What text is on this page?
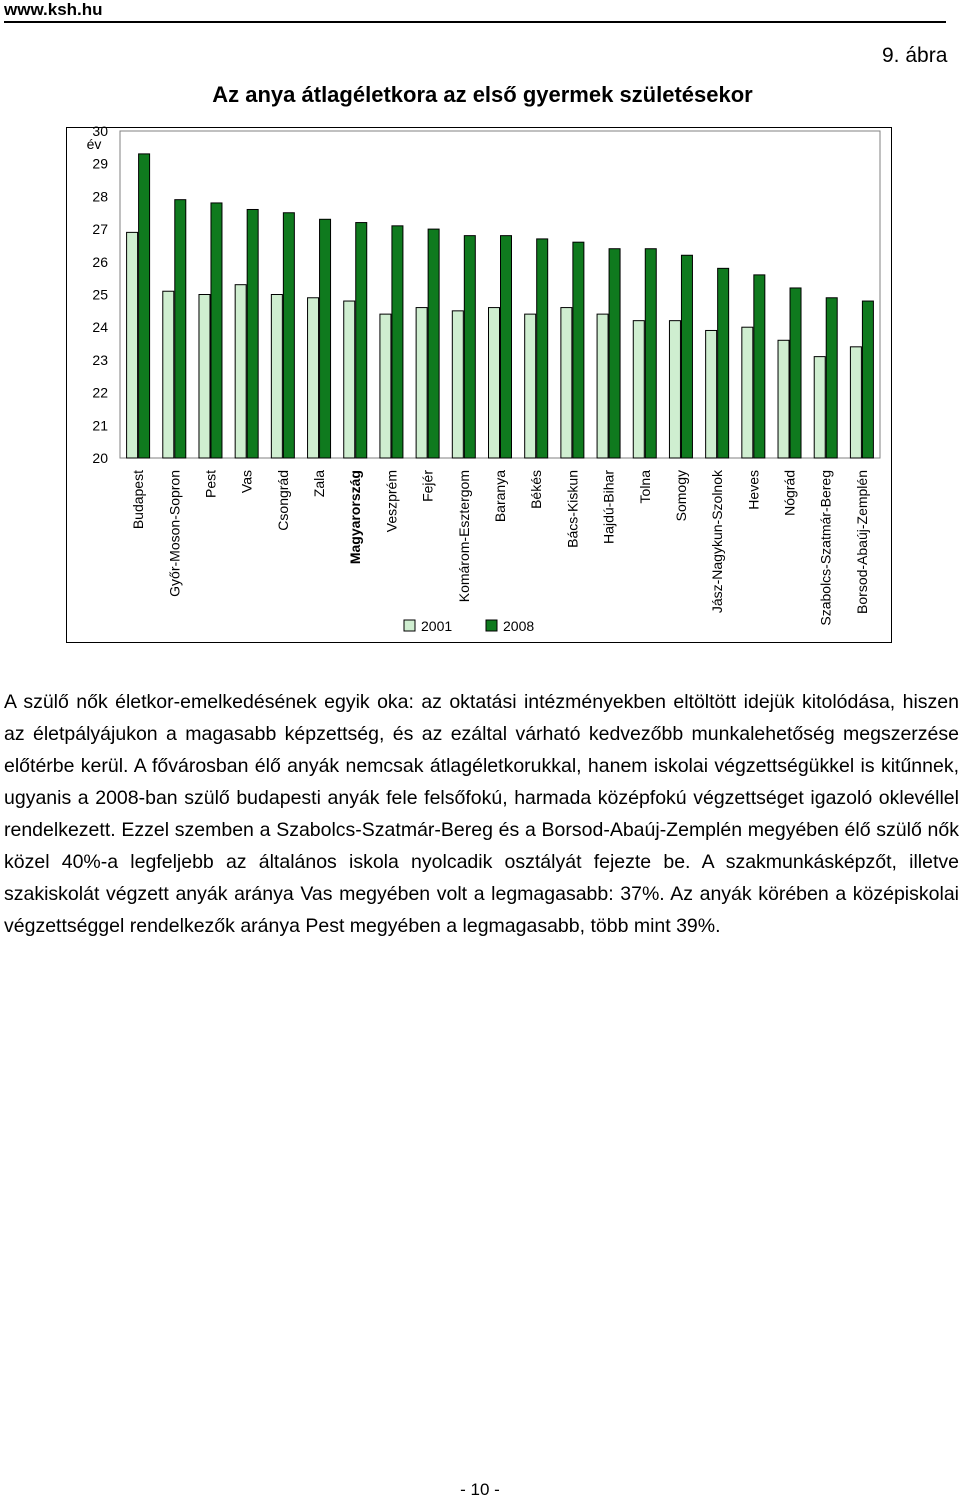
www.ksh.hu
9. ábra
Az anya átlagéletkora az első gyermek születésekor
év
20
21
22
23
24
25
26
27
28
29
30
Budapest Győr-Moson-Sopron Pest Vas Csongrád Zala Magyarország Veszprém Fejér Komárom-Esztergom Baranya Békés Bács-Kiskun Hajdú-Bihar Tolna Somogy Jász-Nagykun-Szolnok Heves Nógrád Szabolcs-Szatmár-Bereg Borsod-Abaúj-Zemplén
2001	2008
A szülő nők életkor-emelkedésének egyik oka: az oktatási intézményekben eltöltött idejük kitolódása, hiszen az életpályájukon a magasabb képzettség, és az ezáltal várható kedvezőbb munkalehetőség megszerzése előtérbe kerül. A fővárosban élő anyák nemcsak átlagéletkorukkal, hanem iskolai végzettségükkel is kitűnnek, ugyanis a 2008-ban szülő budapesti anyák fele felsőfokú, harmada középfokú végzettséget igazoló oklevéllel rendelkezett. Ezzel szemben a Szabolcs-Szatmár-Bereg és a Borsod-Abaúj-Zemplén megyében élő szülő nők közel 40%-a legfeljebb az általános iskola nyolcadik osztályát fejezte be. A szakmunkásképzőt, illetve szakiskolát végzett anyák aránya Vas megyében volt a legmagasabb: 37%. Az anyák körében a középiskolai végzettséggel rendelkezők aránya Pest megyében a legmagasabb, több mint 39%.
- 10 -
